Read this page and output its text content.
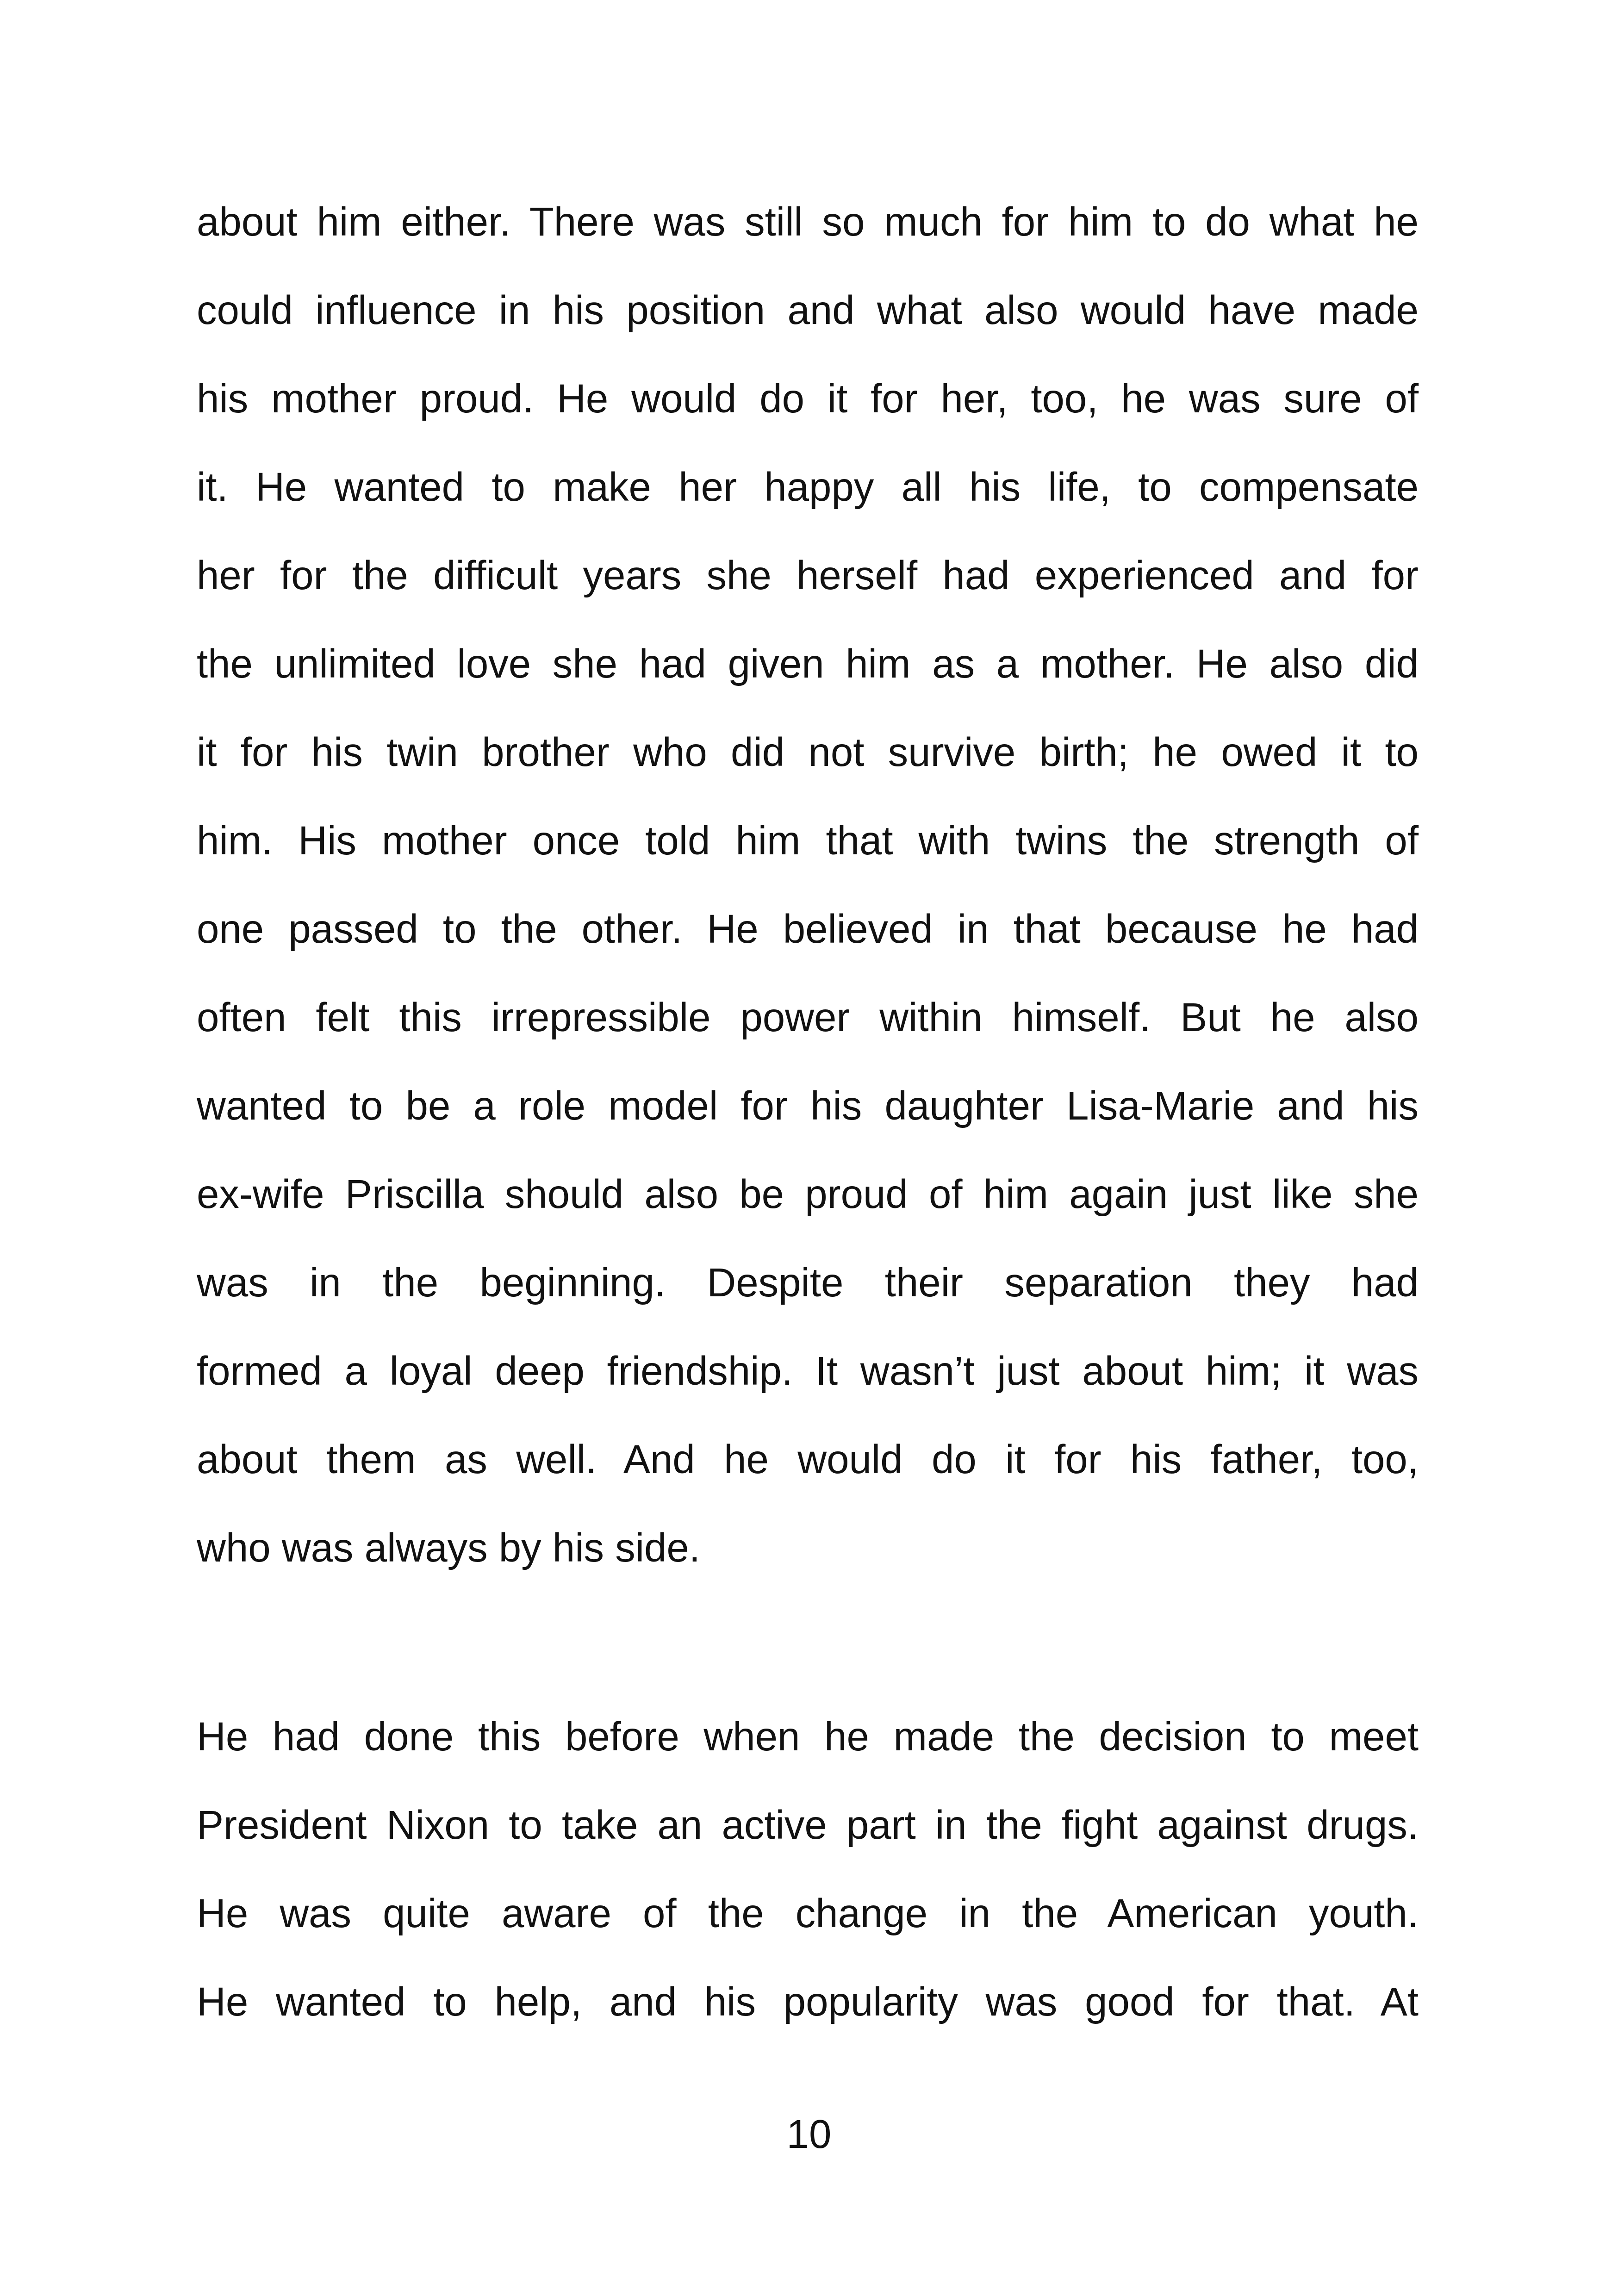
about him either. There was still so much for him to do what he
could influence in his position and what also would have made
his mother proud. He would do it for her, too, he was sure of
it. He wanted to make her happy all his life, to compensate
her for the difficult years she herself had experienced and for
the unlimited love she had given him as a mother. He also did
it for his twin brother who did not survive birth; he owed it to
him. His mother once told him that with twins the strength of
one passed to the other. He believed in that because he had
often felt this irrepressible power within himself. But he also
wanted to be a role model for his daughter Lisa-Marie and his
ex-wife Priscilla should also be proud of him again just like she
was in the beginning. Despite their separation they had
formed a loyal deep friendship. It wasn’t just about him; it was
about them as well. And he would do it for his father, too,
who was always by his side.
He had done this before when he made the decision to meet
President Nixon to take an active part in the fight against drugs.
He was quite aware of the change in the American youth.
He wanted to help, and his popularity was good for that. At
10
